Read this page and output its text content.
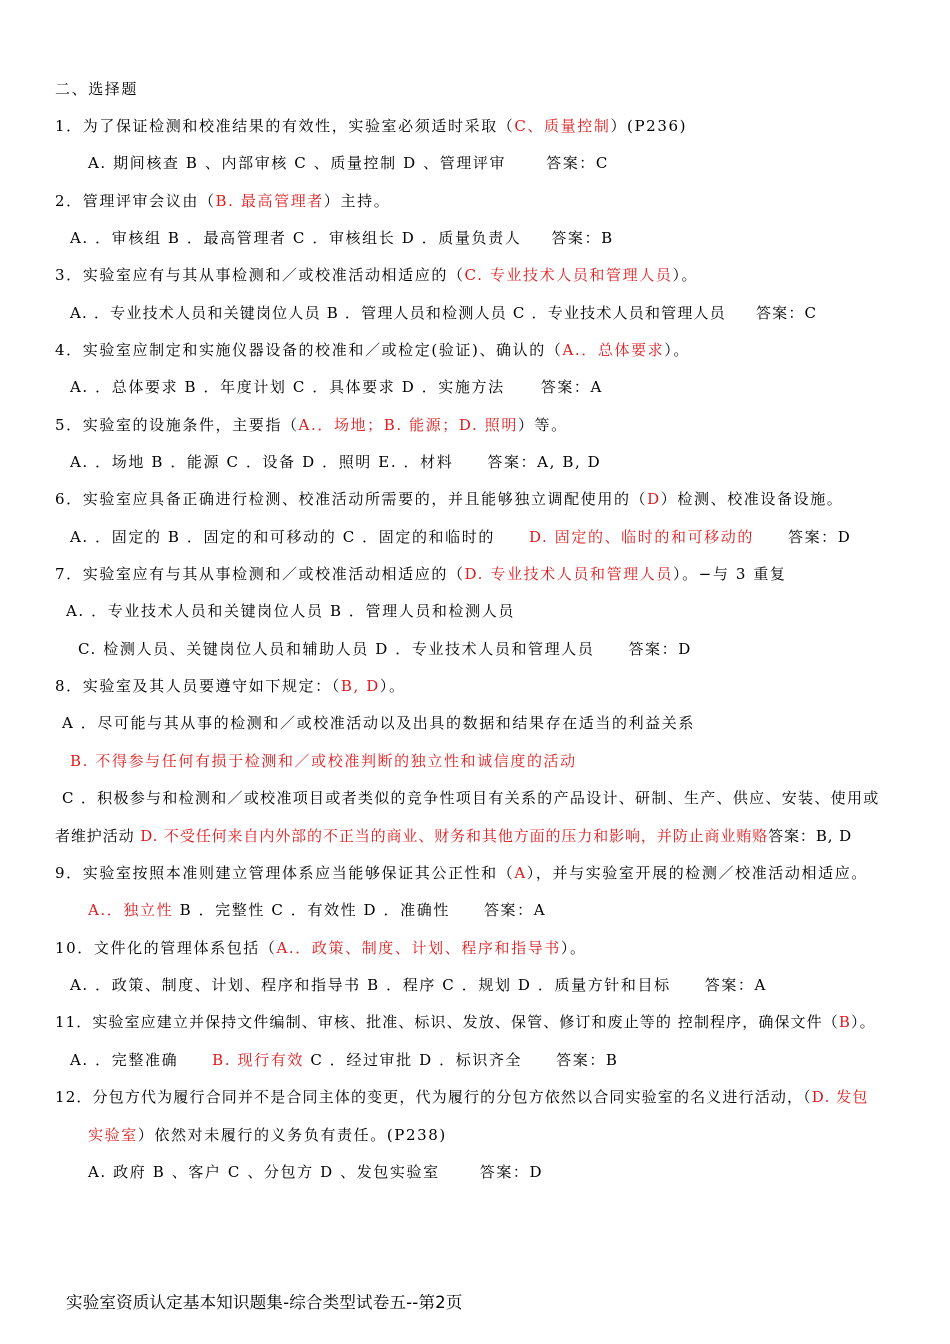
二、选择题
1．为了保证检测和校准结果的有效性，实验室必须适时采取（C、质量控制）(P236)
A. 期间核查 B 、内部审核 C 、质量控制 D 、管理评审	答案：C
2．管理评审会议由（B. 最高管理者）主持。
A. ．审核组 B ．最高管理者 C ．审核组长 D ．质量负责人 答案：B
3．实验室应有与其从事检测和／或校准活动相适应的（C. 专业技术人员和管理人员）。
A. ．专业技术人员和关键岗位人员 B ．管理人员和检测人员 C ．专业技术人员和管理人员 答案：C
4．实验室应制定和实施仪器设备的校准和／或检定(验证)、确认的（A.．总体要求）。
A. ．总体要求 B ．年度计划 C ．具体要求 D ．实施方法 答案：A
5．实验室的设施条件，主要指（A.．场地；B. 能源；D. 照明）等。
A. ．场地 B ．能源 C ．设备 D ．照明 E. ．材料 答案：A, B, D
6．实验室应具备正确进行检测、校准活动所需要的，并且能够独立调配使用的（D）检测、校准设备设施。
A. ．固定的 B ．固定的和可移动的 C ．固定的和临时的 D. 固定的、临时的和可移动的 答案：D
7．实验室应有与其从事检测和／或校准活动相适应的（D. 专业技术人员和管理人员）。−与 3 重复
A. ．专业技术人员和关键岗位人员 B ．管理人员和检测人员
C. 检测人员、关键岗位人员和辅助人员 D ．专业技术人员和管理人员 答案：D
8．实验室及其人员要遵守如下规定：（B, D）。
A ．尽可能与其从事的检测和／或校准活动以及出具的数据和结果存在适当的利益关系
B. 不得参与任何有损于检测和／或校准判断的独立性和诚信度的活动
C ．积极参与和检测和／或校准项目或者类似的竞争性项目有关系的产品设计、研制、生产、供应、安装、使用或
者维护活动 D. 不受任何来自内外部的不正当的商业、财务和其他方面的压力和影响，并防止商业贿赂答案：B, D
9．实验室按照本准则建立管理体系应当能够保证其公正性和（A），并与实验室开展的检测／校准活动相适应。
A.．独立性 B ．完整性 C ．有效性 D ．准确性 答案：A
10．文件化的管理体系包括（A.．政策、制度、计划、程序和指导书）。
A. ．政策、制度、计划、程序和指导书 B ．程序 C ．规划 D ．质量方针和目标 答案：A
11．实验室应建立并保持文件编制、审核、批准、标识、发放、保管、修订和废止等的 控制程序，确保文件（B）。
A. ．完整准确 B. 现行有效 C ．经过审批 D ．标识齐全 答案：B
12．分包方代为履行合同并不是合同主体的变更，代为履行的分包方依然以合同实验室的名义进行活动，（D. 发包
实验室）依然对未履行的义务负有责任。(P238)
A. 政府 B 、客户 C 、分包方 D 、发包实验室	答案：D
实验室资质认定基本知识题集-综合类型试卷五--第2页
